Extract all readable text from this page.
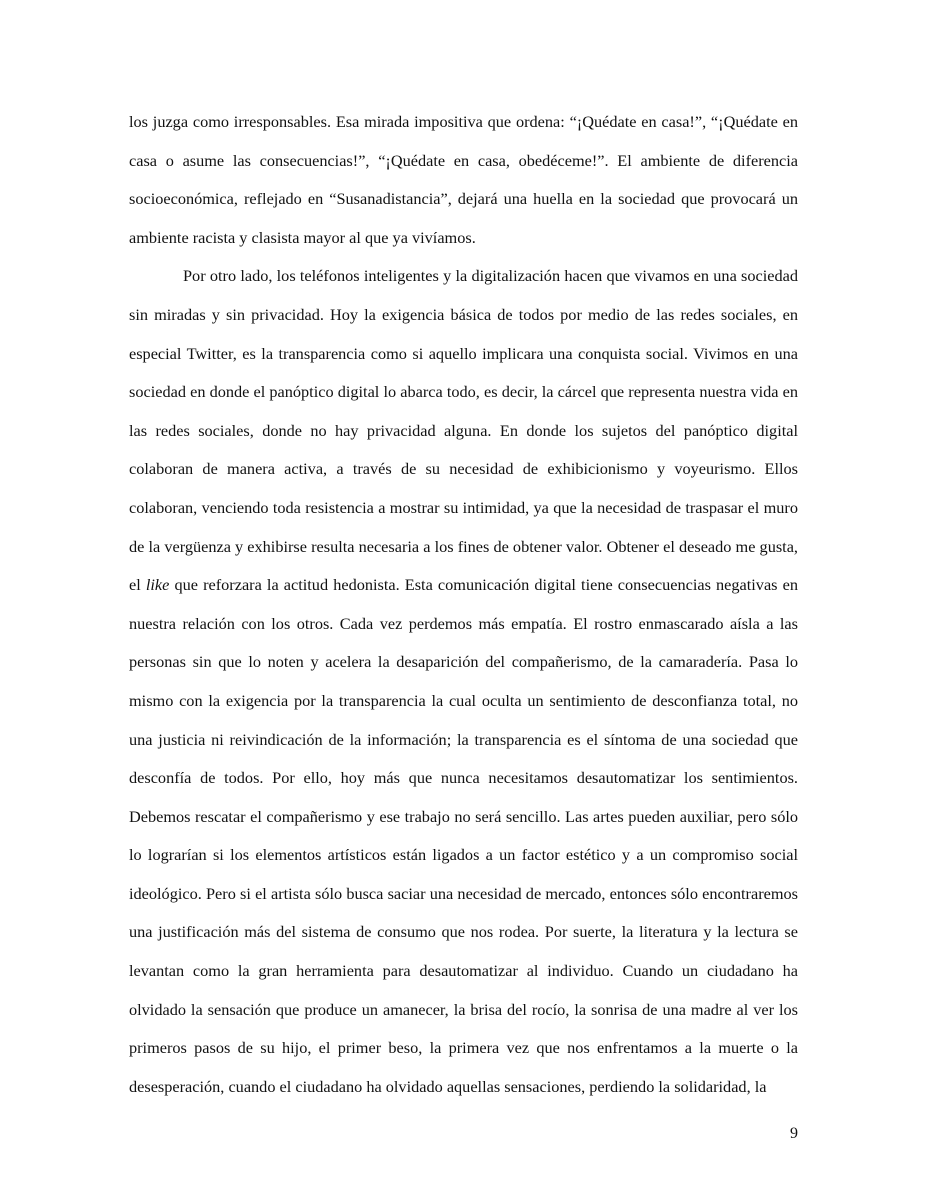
los juzga como irresponsables. Esa mirada impositiva que ordena: “¡Quédate en casa!”, “¡Quédate en casa o asume las consecuencias!”, “¡Quédate en casa, obedéceme!”. El ambiente de diferencia socioeconómica, reflejado en “Susanadistancia”, dejará una huella en la sociedad que provocará un ambiente racista y clasista mayor al que ya vivíamos.

Por otro lado, los teléfonos inteligentes y la digitalización hacen que vivamos en una sociedad sin miradas y sin privacidad. Hoy la exigencia básica de todos por medio de las redes sociales, en especial Twitter, es la transparencia como si aquello implicara una conquista social. Vivimos en una sociedad en donde el panóptico digital lo abarca todo, es decir, la cárcel que representa nuestra vida en las redes sociales, donde no hay privacidad alguna. En donde los sujetos del panóptico digital colaboran de manera activa, a través de su necesidad de exhibicionismo y voyeurismo. Ellos colaboran, venciendo toda resistencia a mostrar su intimidad, ya que la necesidad de traspasar el muro de la vergüenza y exhibirse resulta necesaria a los fines de obtener valor. Obtener el deseado me gusta, el like que reforzara la actitud hedonista. Esta comunicación digital tiene consecuencias negativas en nuestra relación con los otros. Cada vez perdemos más empatía. El rostro enmascarado aísla a las personas sin que lo noten y acelera la desaparición del compañerismo, de la camaradería. Pasa lo mismo con la exigencia por la transparencia la cual oculta un sentimiento de desconfianza total, no una justicia ni reivindicación de la información; la transparencia es el síntoma de una sociedad que desconfía de todos. Por ello, hoy más que nunca necesitamos desautomatizar los sentimientos. Debemos rescatar el compañerismo y ese trabajo no será sencillo. Las artes pueden auxiliar, pero sólo lo lograrían si los elementos artísticos están ligados a un factor estético y a un compromiso social ideológico. Pero si el artista sólo busca saciar una necesidad de mercado, entonces sólo encontraremos una justificación más del sistema de consumo que nos rodea. Por suerte, la literatura y la lectura se levantan como la gran herramienta para desautomatizar al individuo. Cuando un ciudadano ha olvidado la sensación que produce un amanecer, la brisa del rocío, la sonrisa de una madre al ver los primeros pasos de su hijo, el primer beso, la primera vez que nos enfrentamos a la muerte o la desesperación, cuando el ciudadano ha olvidado aquellas sensaciones, perdiendo la solidaridad, la

9
